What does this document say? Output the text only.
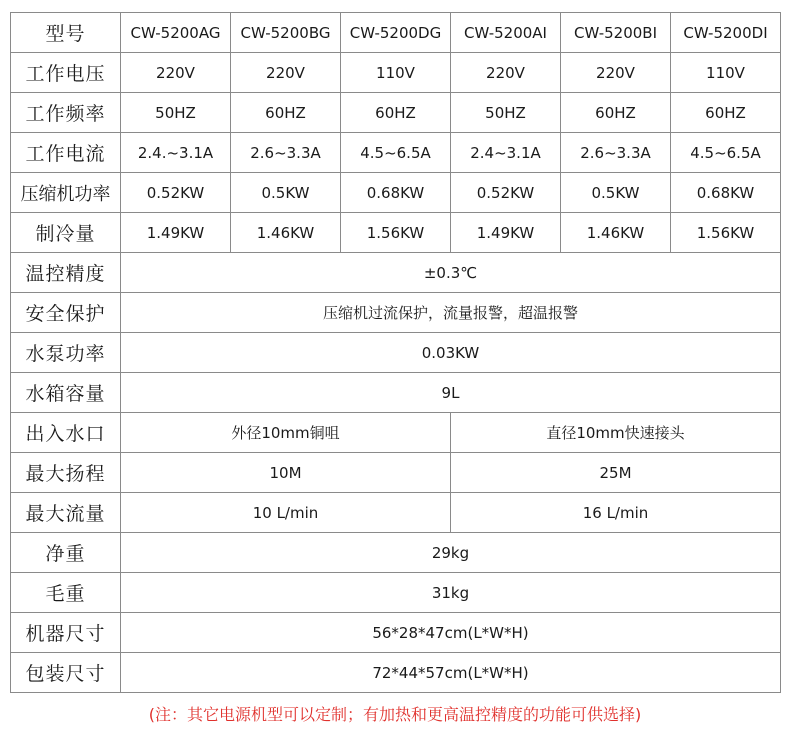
型号	CW-5200AG	CW-5200BG	CW-5200DG	CW-5200AI	CW-5200BI	CW-5200DI
工作电压	220V	220V	110V	220V	220V	110V
工作频率	50HZ	60HZ	60HZ	50HZ	60HZ	60HZ
工作电流	2.4.~3.1A	2.6~3.3A	4.5~6.5A	2.4~3.1A	2.6~3.3A	4.5~6.5A
压缩机功率	0.52KW	0.5KW	0.68KW	0.52KW	0.5KW	0.68KW
制冷量	1.49KW	1.46KW	1.56KW	1.49KW	1.46KW	1.56KW
温控精度	±0.3℃					
安全保护	压缩机过流保护，流量报警，超温报警					
水泵功率	0.03KW					
水箱容量	9L					
出入水口	外径10mm铜咀			直径10mm快速接头		
最大扬程	10M			25M		
最大流量	10 L/min			16 L/min		
净重	29kg					
毛重	31kg					
机器尺寸	56*28*47cm(L*W*H)					
包装尺寸	72*44*57cm(L*W*H)					
(注：其它电源机型可以定制；有加热和更高温控精度的功能可供选择)
